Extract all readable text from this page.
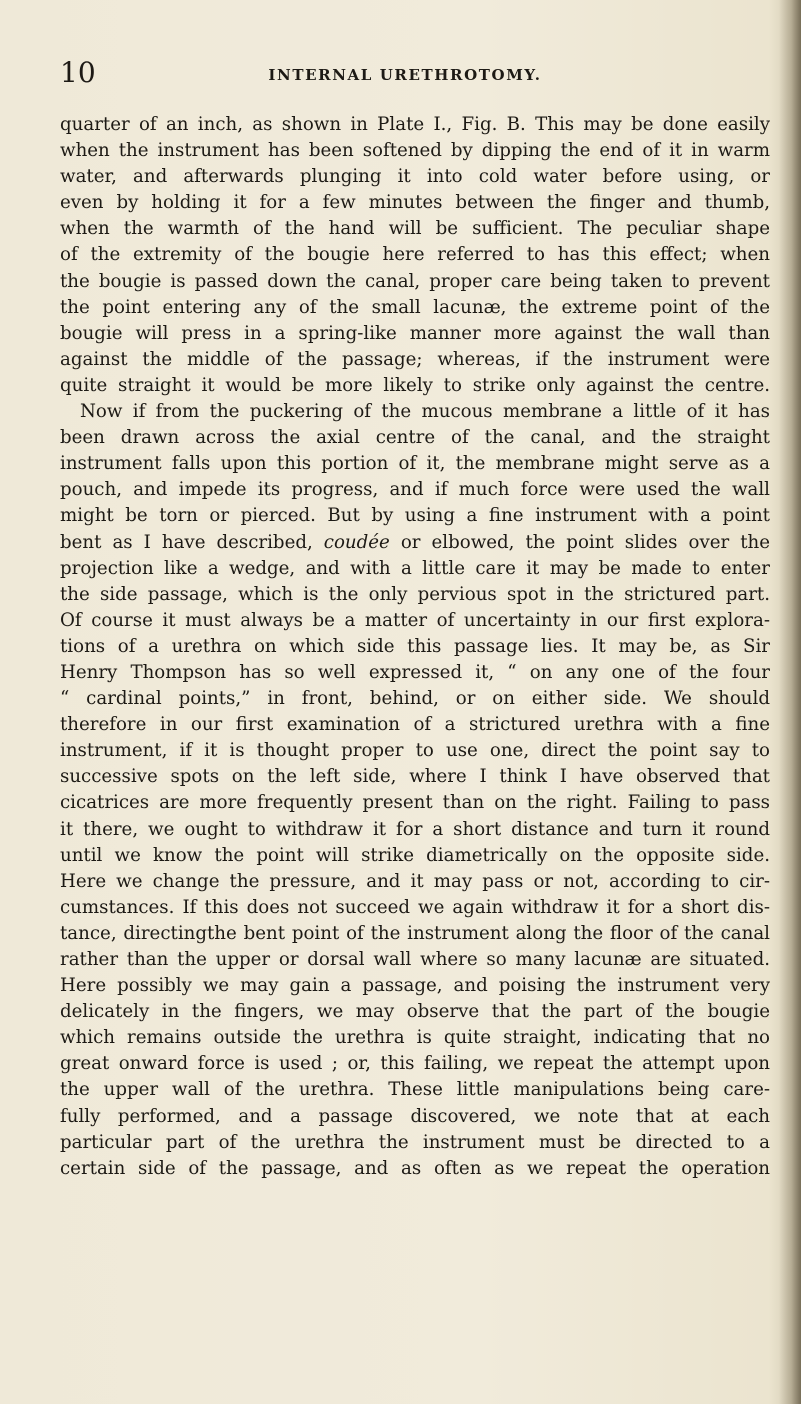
10	INTERNAL URETHROTOMY.
quarter of an inch, as shown in Plate I., Fig. B. This may be done easily
when the instrument has been softened by dipping the end of it in warm
water, and afterwards plunging it into cold water before using, or
even by holding it for a few minutes between the finger and thumb,
when the warmth of the hand will be sufficient. The peculiar shape
of the extremity of the bougie here referred to has this effect; when
the bougie is passed down the canal, proper care being taken to prevent
the point entering any of the small lacunæ, the extreme point of the
bougie will press in a spring-like manner more against the wall than
against the middle of the passage; whereas, if the instrument were
quite straight it would be more likely to strike only against the centre.
Now if from the puckering of the mucous membrane a little of it has
been drawn across the axial centre of the canal, and the straight
instrument falls upon this portion of it, the membrane might serve as a
pouch, and impede its progress, and if much force were used the wall
might be torn or pierced. But by using a fine instrument with a point
bent as I have described, coudée or elbowed, the point slides over the
projection like a wedge, and with a little care it may be made to enter
the side passage, which is the only pervious spot in the strictured part.
Of course it must always be a matter of uncertainty in our first explora-
tions of a urethra on which side this passage lies. It may be, as Sir
Henry Thompson has so well expressed it, “ on any one of the four
“ cardinal points,” in front, behind, or on either side. We should
therefore in our first examination of a strictured urethra with a fine
instrument, if it is thought proper to use one, direct the point say to
successive spots on the left side, where I think I have observed that
cicatrices are more frequently present than on the right. Failing to pass
it there, we ought to withdraw it for a short distance and turn it round
until we know the point will strike diametrically on the opposite side.
Here we change the pressure, and it may pass or not, according to cir-
cumstances. If this does not succeed we again withdraw it for a short dis-
tance, directingthe bent point of the instrument along the floor of the canal
rather than the upper or dorsal wall where so many lacunæ are situated.
Here possibly we may gain a passage, and poising the instrument very
delicately in the fingers, we may observe that the part of the bougie
which remains outside the urethra is quite straight, indicating that no
great onward force is used ; or, this failing, we repeat the attempt upon
the upper wall of the urethra. These little manipulations being care-
fully performed, and a passage discovered, we note that at each
particular part of the urethra the instrument must be directed to a
certain side of the passage, and as often as we repeat the operation
